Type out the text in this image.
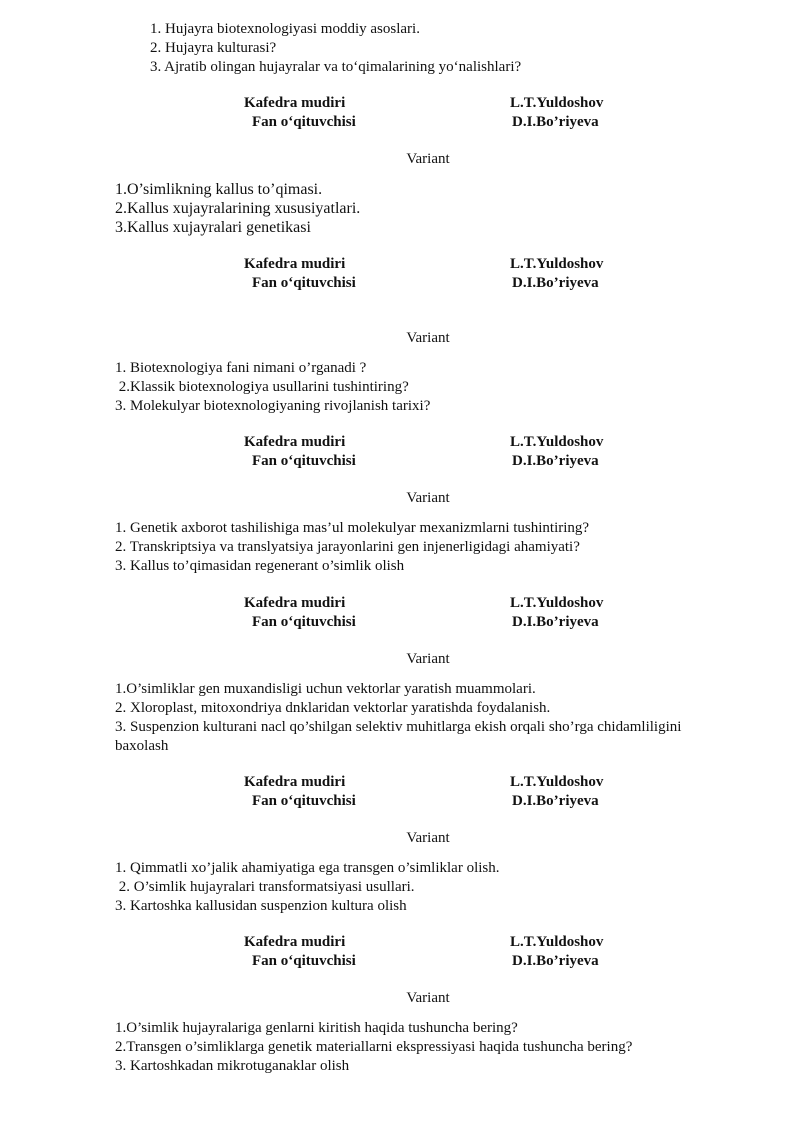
1. Hujayra biotexnologiyasi moddiy asoslari.
2. Hujayra kulturasi?
3. Ajratib olingan hujayralar va to‘qimalarining yo‘nalishlari?
Kafedra mudiri	L.T.Yuldoshov
Fan o‘qituvchisi	D.I.Bo’riyeva
Variant
1.O’simlikning kallus to’qimasi.
2.Kallus xujayralarining xususiyatlari.
3.Kallus xujayralari genetikasi
Kafedra mudiri	L.T.Yuldoshov
Fan o‘qituvchisi	D.I.Bo’riyeva
Variant
1. Biotexnologiya fani nimani o’rganadi ?
2.Klassik biotexnologiya usullarini tushintiring?
3. Molekulyar biotexnologiyaning rivojlanish tarixi?
Kafedra mudiri	L.T.Yuldoshov
Fan o‘qituvchisi	D.I.Bo’riyeva
Variant
1. Genetik axborot tashilishiga mas’ul molekulyar mexanizmlarni tushintiring?
2. Transkriptsiya va translyatsiya jarayonlarini gen injenerligidagi ahamiyati?
3. Kallus to’qimasidan regenerant o’simlik olish
Kafedra mudiri	L.T.Yuldoshov
Fan o‘qituvchisi	D.I.Bo’riyeva
Variant
1.O’simliklar gen muxandisligi uchun vektorlar yaratish muammolari.
2. Xloroplast, mitoxondriya dnklaridan vektorlar yaratishda foydalanish.
3. Suspenzion kulturani nacl qo’shilgan selektiv muhitlarga ekish orqali sho’rga chidamliligini
baxolash
Kafedra mudiri	L.T.Yuldoshov
Fan o‘qituvchisi	D.I.Bo’riyeva
Variant
1. Qimmatli xo’jalik ahamiyatiga ega transgen o’simliklar olish.
2. O’simlik hujayralari transformatsiyasi usullari.
3. Kartoshka kallusidan suspenzion kultura olish
Kafedra mudiri	L.T.Yuldoshov
Fan o‘qituvchisi	D.I.Bo’riyeva
Variant
1.O’simlik hujayralariga genlarni kiritish haqida tushuncha bering?
2.Transgen o’simliklarga genetik materiallarni ekspressiyasi haqida tushuncha bering?
3. Kartoshkadan mikrotuganaklar olish
